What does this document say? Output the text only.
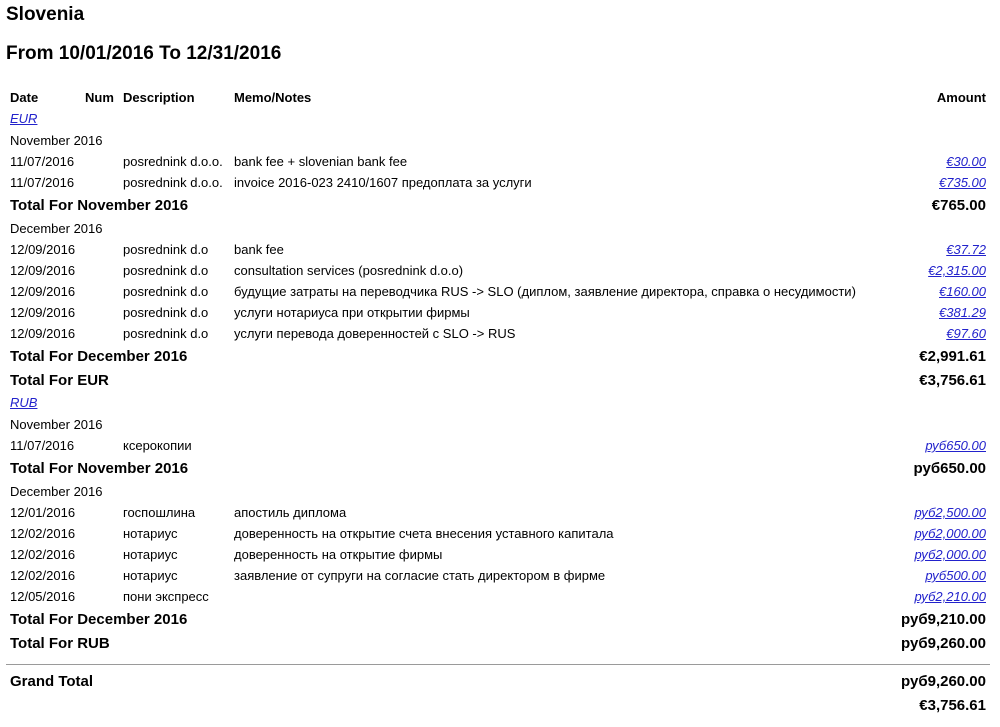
Slovenia
From 10/01/2016 To 12/31/2016
Date	Num	Description	Memo/Notes	Amount
EUR				
November 2016				
11/07/2016		posrednink d.o.o.	bank fee + slovenian bank fee	€30.00
11/07/2016		posrednink d.o.o.	invoice 2016-023 2410/1607 предоплата за услуги	€735.00
Total For November 2016				€765.00
December 2016				
12/09/2016		posrednink d.o	bank fee	€37.72
12/09/2016		posrednink d.o	consultation services (posrednink d.o.o)	€2,315.00
12/09/2016		posrednink d.o	будущие затраты на переводчика RUS -> SLO (диплом, заявление директора, справка о несудимости)	€160.00
12/09/2016		posrednink d.o	услуги нотариуса при открытии фирмы	€381.29
12/09/2016		posrednink d.o	услуги перевода доверенностей с SLO -> RUS	€97.60
Total For December 2016				€2,991.61
Total For EUR				€3,756.61
RUB				
November 2016				
11/07/2016		ксерокопии		руб650.00
Total For November 2016				руб650.00
December 2016				
12/01/2016		госпошлина	апостиль диплома	руб2,500.00
12/02/2016		нотариус	доверенность на открытие счета внесения уставного капитала	руб2,000.00
12/02/2016		нотариус	доверенность на открытие фирмы	руб2,000.00
12/02/2016		нотариус	заявление от супруги на согласие стать директором в фирме	руб500.00
12/05/2016		пони экспресс		руб2,210.00
Total For December 2016				руб9,210.00
Total For RUB				руб9,260.00

Grand Total				руб9,260.00
				€3,756.61
